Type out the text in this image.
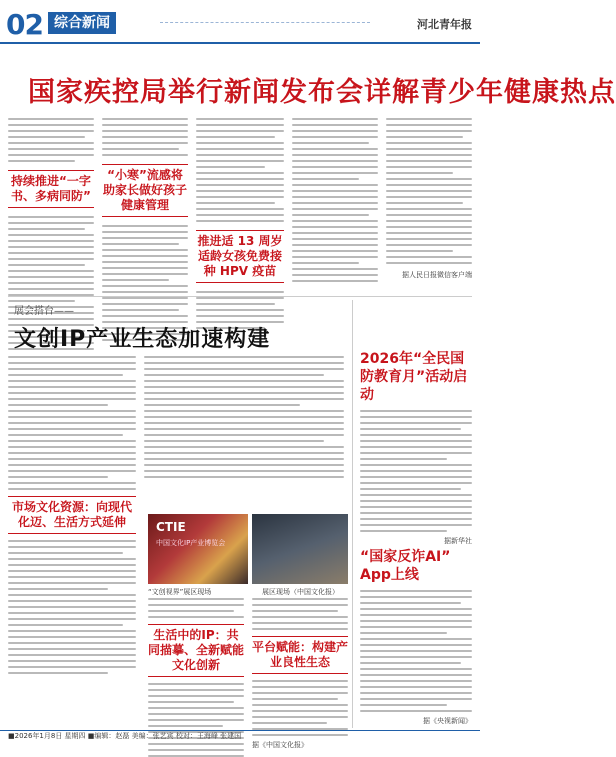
02 综合新闻	河北青年报
国家疾控局举行新闻发布会详解青少年健康热点
持续推进“一字书、多病同防”
“小寒”流感将助家长做好孩子健康管理
推进适 13 周岁适龄女孩免费接种 HPV 疫苗	据人民日报微信客户端
展会搭台——
文创IP产业生态加速构建
市场文化资源：向现代化迈、生活方式延伸	CTIE
中国文化IP产业博览会
“文创视界”展区现场	展区现场（中国文化报）
生活中的IP：共同描摹、全新赋能文化创新
平台赋能：构建产业良性生态
据《中国文化报》
2026年“全民国防教育月”活动启动
据新华社
“国家反诈AI” App上线
据《央视新闻》
■2026年1月8日 星期四 ■编辑：赵磊 美编：张艺宾 校对：王海峰 张建国
